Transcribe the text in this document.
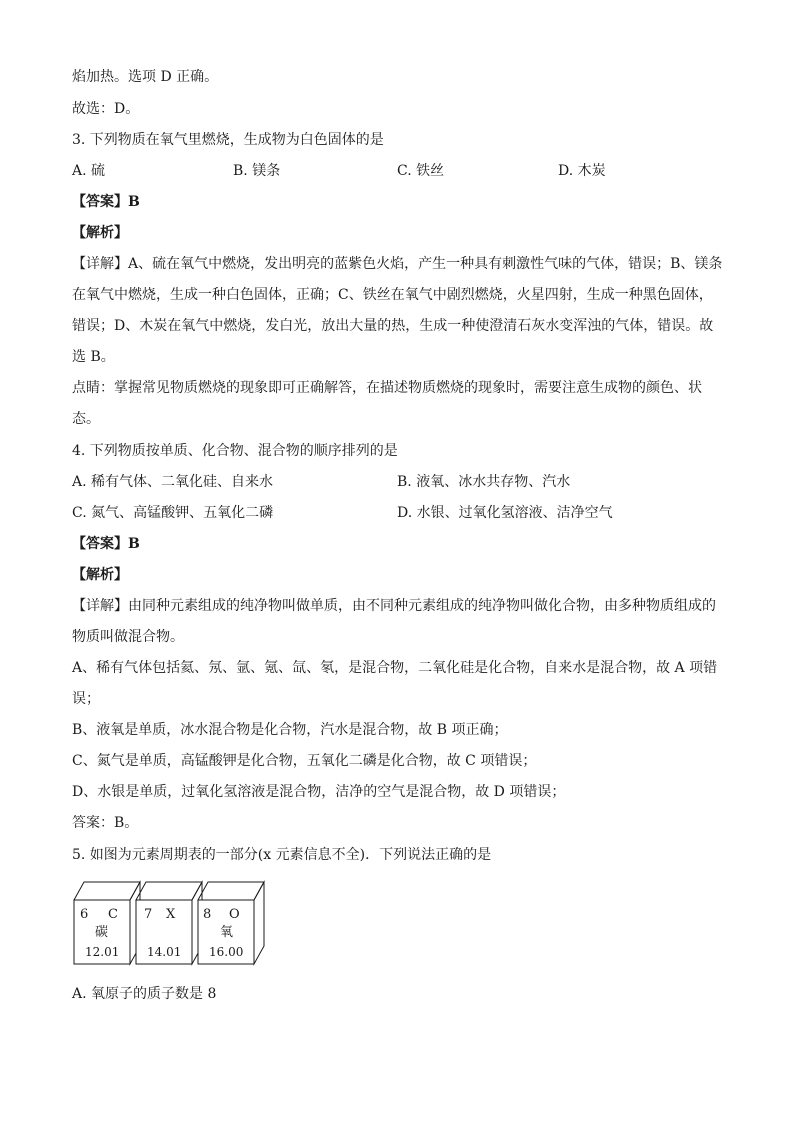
焰加热。选项 D 正确。
故选：D。
3. 下列物质在氧气里燃烧，生成物为白色固体的是
A. 硫	B. 镁条	C. 铁丝	D. 木炭
【答案】B
【解析】
【详解】A、硫在氧气中燃烧，发出明亮的蓝紫色火焰，产生一种具有刺激性气味的气体，错误；B、镁条
在氧气中燃烧，生成一种白色固体，正确；C、铁丝在氧气中剧烈燃烧，火星四射，生成一种黑色固体，
错误；D、木炭在氧气中燃烧，发白光，放出大量的热，生成一种使澄清石灰水变浑浊的气体，错误。故
选 B。
点睛：掌握常见物质燃烧的现象即可正确解答，在描述物质燃烧的现象时，需要注意生成物的颜色、状
态。
4. 下列物质按单质、化合物、混合物的顺序排列的是
A. 稀有气体、二氧化硅、自来水	B. 液氧、冰水共存物、汽水
C. 氮气、高锰酸钾、五氧化二磷	D. 水银、过氧化氢溶液、洁净空气
【答案】B
【解析】
【详解】由同种元素组成的纯净物叫做单质，由不同种元素组成的纯净物叫做化合物，由多种物质组成的
物质叫做混合物。
A、稀有气体包括氦、氖、氩、氪、氙、氡，是混合物，二氧化硅是化合物，自来水是混合物，故 A 项错
误；
B、液氧是单质，冰水混合物是化合物，汽水是混合物，故 B 项正确；
C、氮气是单质，高锰酸钾是化合物，五氧化二磷是化合物，故 C 项错误；
D、水银是单质，过氧化氢溶液是混合物，洁净的空气是混合物，故 D 项错误；
答案：B。
5. 如图为元素周期表的一部分(x 元素信息不全)．下列说法正确的是
6 C
碳
12.01
7 X
14.01
8 O
氧
16.00
A. 氧原子的质子数是 8
